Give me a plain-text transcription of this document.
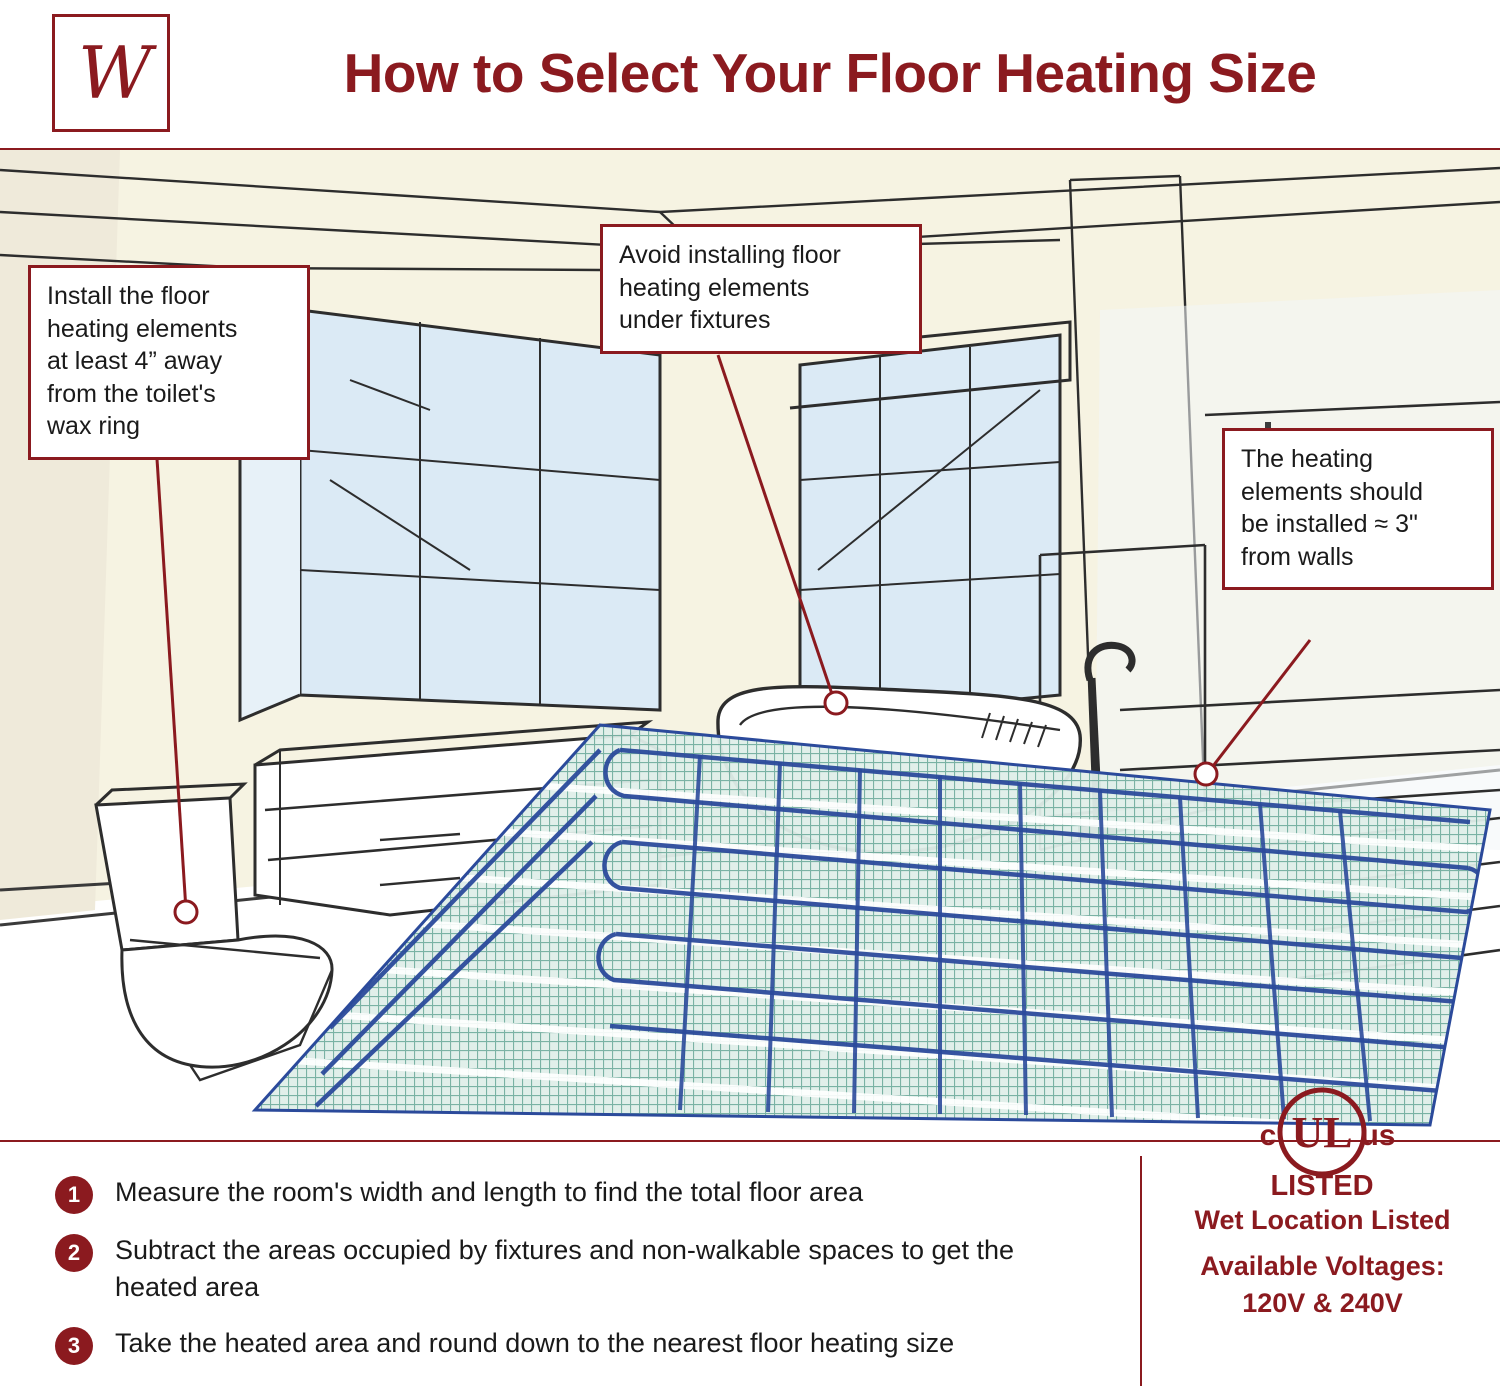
W	How to Select Your Floor Heating Size
Install the floor
heating elements
at least 4” away
from the toilet's
wax ring
Avoid installing floor
heating elements
under fixtures
The heating
elements should
be installed ≈ 3"
from walls
1	Measure the room's width and length to find the total floor area
2	Subtract the areas occupied by fixtures and non-walkable spaces to get the heated area
3	Take the heated area and round down to the nearest floor heating size
UL
c	us
LISTED
Wet Location Listed
Available Voltages:
120V & 240V
